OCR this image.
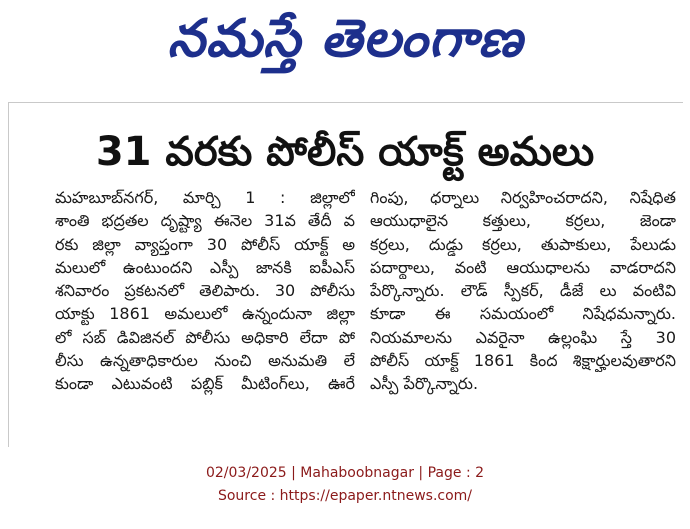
నమస్తే తెలంగాణ
31 వరకు పోలీస్ యాక్ట్ అమలు
మహబూబ్‌నగర్, మార్చి 1 : జిల్లాలో
శాంతి భద్రతల దృష్ట్యా ఈనెల 31వ తేదీ వ
రకు జిల్లా వ్యాప్తంగా 30 పోలీస్ యాక్ట్ అ
మలులో ఉంటుందని ఎస్పీ జానకి ఐపీఎస్
శనివారం ప్రకటనలో తెలిపారు. 30 పోలీసు
యాక్టు 1861 అమలులో ఉన్నందునా జిల్లా
లో సబ్ డివిజినల్ పోలీసు అధికారి లేదా పో
లీసు ఉన్నతాధికారుల నుంచి అనుమతి లే
కుండా ఎటువంటి పబ్లిక్ మీటింగ్‌లు, ఊరే
గింపు, ధర్నాలు నిర్వహించరాదని, నిషేధిత
ఆయుధాలైన కత్తులు, కర్రలు, జెండా
కర్రలు, దుడ్డు కర్రలు, తుపాకులు, పేలుడు
పదార్థాలు, వంటి ఆయుధాలను వాడరాదని
పేర్కొన్నారు. లౌడ్ స్పీకర్, డీజే లు వంటివి
కూడా ఈ సమయంలో నిషేధమన్నారు.
నియమాలను ఎవరైనా ఉల్లంఘి స్తే 30
పోలీస్ యాక్ట్ 1861 కింద శిక్షార్హులవుతారని
ఎస్పీ పేర్కొన్నారు.
02/03/2025 | Mahaboobnagar | Page : 2
Source : https://epaper.ntnews.com/
